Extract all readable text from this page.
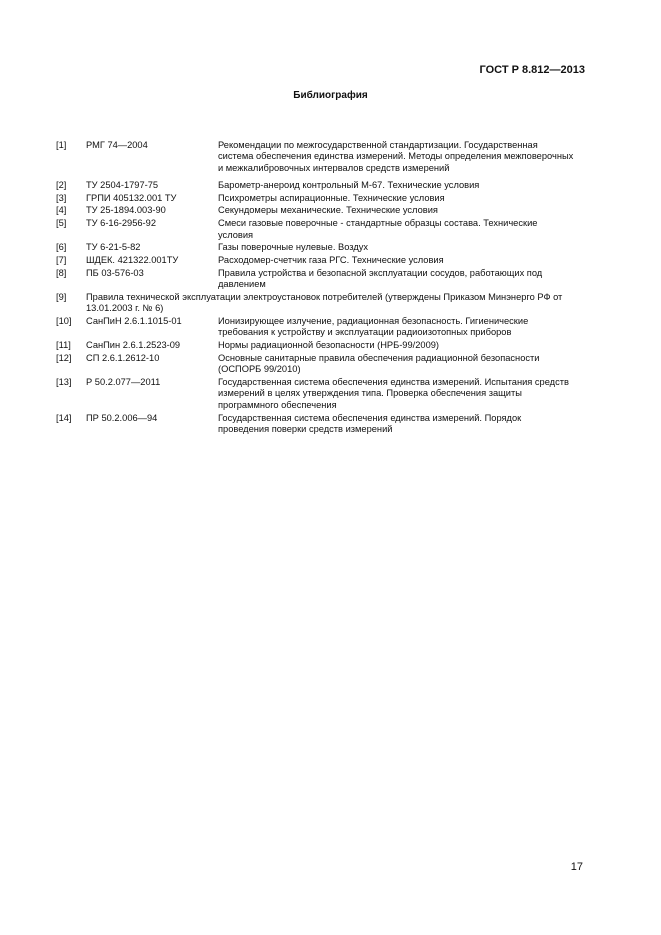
ГОСТ Р 8.812—2013
Библиография
[1]	РМГ 74—2004	Рекомендации по межгосударственной стандартизации. Государственная система обеспечения единства измерений. Методы определения межповерочных и межкалибровочных интервалов средств измерений
[2]	ТУ 2504-1797-75	Барометр-анероид контрольный М-67. Технические условия
[3]	ГРПИ 405132.001 ТУ	Психрометры аспирационные. Технические условия
[4]	ТУ 25-1894.003-90	Секундомеры механические. Технические условия
[5]	ТУ 6-16-2956-92	Смеси газовые поверочные - стандартные образцы состава. Технические условия
[6]	ТУ 6-21-5-82	Газы поверочные нулевые. Воздух
[7]	ШДЕК. 421322.001ТУ	Расходомер-счетчик газа РГС. Технические условия
[8]	ПБ 03-576-03	Правила устройства и безопасной эксплуатации сосудов, работающих под давлением
[9]	Правила технической эксплуатации электроустановок потребителей (утверждены Приказом Минэнерго РФ от 13.01.2003 г. № 6)
[10]	СанПиН 2.6.1.1015-01	Ионизирующее излучение, радиационная безопасность. Гигиенические требования к устройству и эксплуатации радиоизотопных приборов
[11]	СанПин 2.6.1.2523-09	Нормы радиационной безопасности (НРБ-99/2009)
[12]	СП 2.6.1.2612-10	Основные санитарные правила обеспечения радиационной безопасности (ОСПОРБ 99/2010)
[13]	Р 50.2.077—2011	Государственная система обеспечения единства измерений. Испытания средств измерений в целях утверждения типа. Проверка обеспечения защиты программного обеспечения
[14]	ПР 50.2.006—94	Государственная система обеспечения единства измерений. Порядок проведения поверки средств измерений
17
